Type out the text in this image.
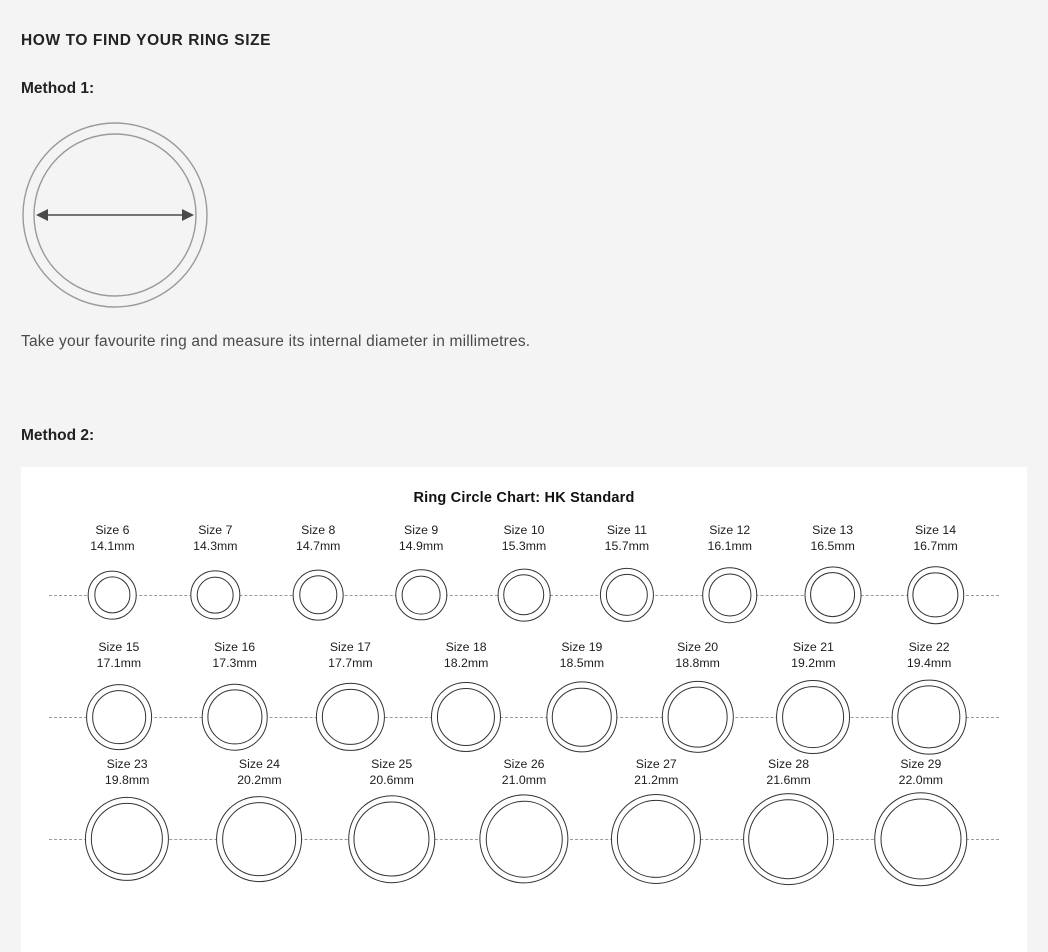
HOW TO FIND YOUR RING SIZE
Method 1:
Take your favourite ring and measure its internal diameter in millimetres.
Method 2:
Ring Circle Chart: HK Standard
Size 6
14.1mm
Size 7
14.3mm
Size 8
14.7mm
Size 9
14.9mm
Size 10
15.3mm
Size 11
15.7mm
Size 12
16.1mm
Size 13
16.5mm
Size 14
16.7mm
Size 15
17.1mm
Size 16
17.3mm
Size 17
17.7mm
Size 18
18.2mm
Size 19
18.5mm
Size 20
18.8mm
Size 21
19.2mm
Size 22
19.4mm
Size 23
19.8mm
Size 24
20.2mm
Size 25
20.6mm
Size 26
21.0mm
Size 27
21.2mm
Size 28
21.6mm
Size 29
22.0mm
